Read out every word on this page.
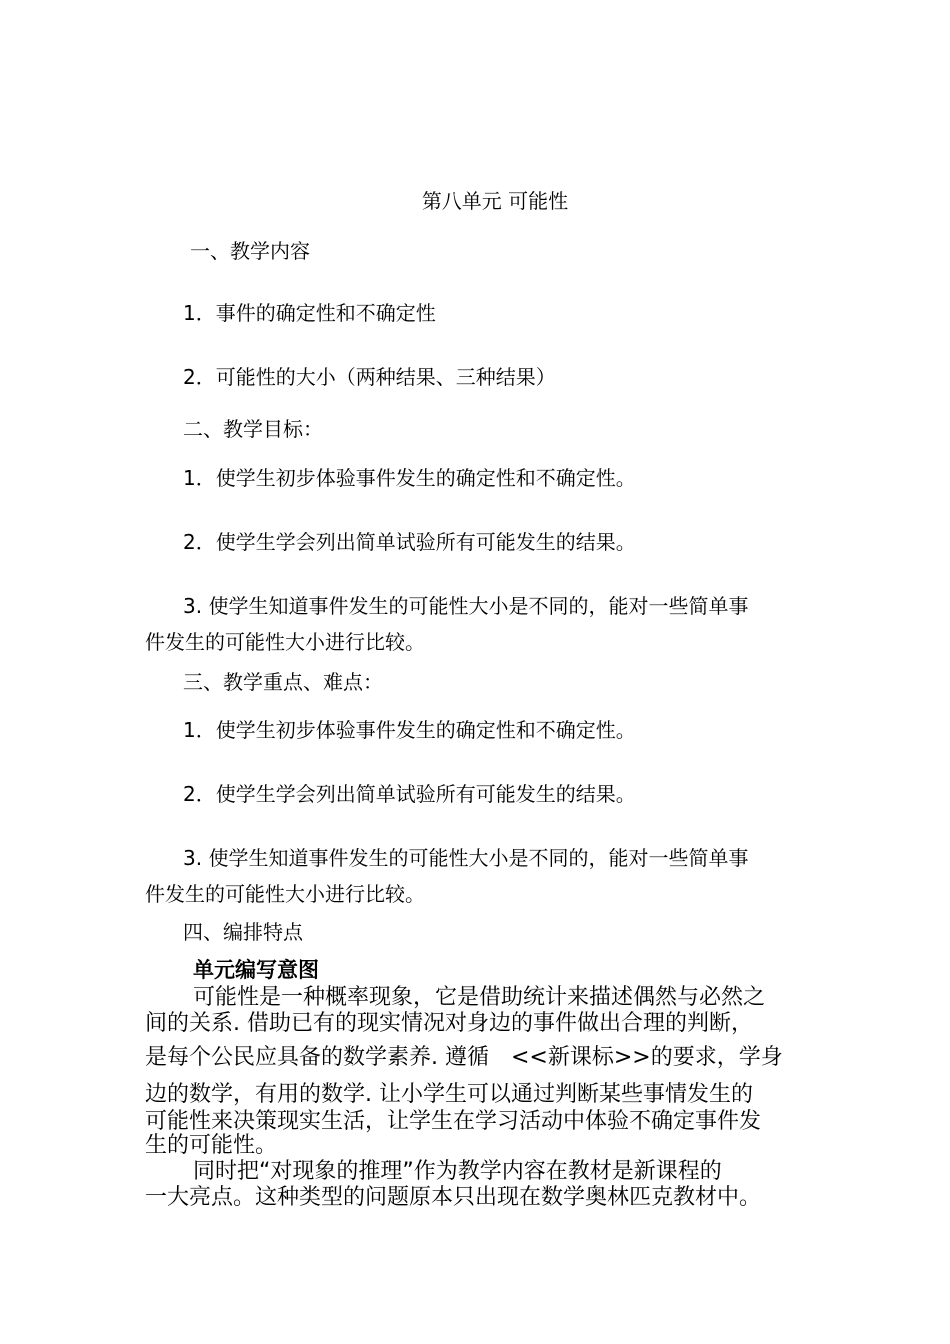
第八单元 可能性
一、教学内容
1．事件的确定性和不确定性
2．可能性的大小（两种结果、三种结果）
二、教学目标：
1．使学生初步体验事件发生的确定性和不确定性。
2．使学生学会列出简单试验所有可能发生的结果。
3. 使学生知道事件发生的可能性大小是不同的，能对一些简单事
件发生的可能性大小进行比较。
三、教学重点、难点：
1．使学生初步体验事件发生的确定性和不确定性。
2．使学生学会列出简单试验所有可能发生的结果。
3. 使学生知道事件发生的可能性大小是不同的，能对一些简单事
件发生的可能性大小进行比较。
四、编排特点
单元编写意图
可能性是一种概率现象，它是借助统计来描述偶然与必然之
间的关系. 借助已有的现实情况对身边的事件做出合理的判断，
是每个公民应具备的数学素养. 遵循　<<新课标>>的要求，学身
边的数学，有用的数学. 让小学生可以通过判断某些事情发生的
可能性来决策现实生活，让学生在学习活动中体验不确定事件发
生的可能性。
同时把“对现象的推理”作为教学内容在教材是新课程的
一大亮点。这种类型的问题原本只出现在数学奥林匹克教材中。
